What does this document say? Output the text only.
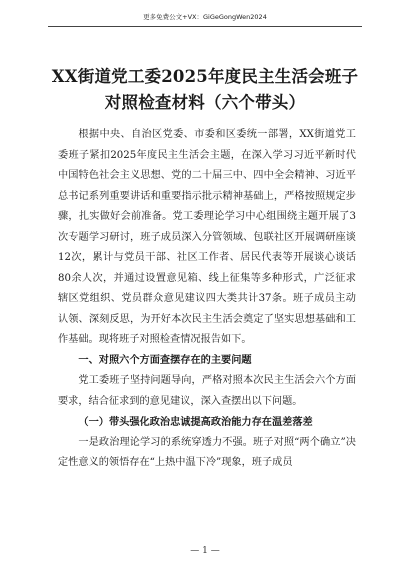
更多免费公文+VX：GiGeGongWen2024
XX街道党工委2025年度民主生活会班子
对照检查材料（六个带头）

根据中央、自治区党委、市委和区委统一部署，XX街道党工委班子紧扣2025年度民主生活会主题，在深入学习习近平新时代中国特色社会主义思想、党的二十届三中、四中全会精神、习近平总书记系列重要讲话和重要指示批示精神基础上，严格按照规定步骤，扎实做好会前准备。党工委理论学习中心组围绕主题开展了3次专题学习研讨，班子成员深入分管领域、包联社区开展调研座谈12次，累计与党员干部、社区工作者、居民代表等开展谈心谈话80余人次，并通过设置意见箱、线上征集等多种形式，广泛征求辖区党组织、党员群众意见建议四大类共计37条。班子成员主动认领、深刻反思，为开好本次民主生活会奠定了坚实思想基础和工作基础。现将班子对照检查情况报告如下。

一、对照六个方面查摆存在的主要问题

党工委班子坚持问题导向，严格对照本次民主生活会六个方面要求，结合征求到的意见建议，深入查摆出以下问题。

（一）带头强化政治忠诚提高政治能力存在温差落差

一是政治理论学习的系统穿透力不强。班子对照“两个确立”决定性意义的领悟存在“上热中温下冷”现象，班子成员

— 1 —
